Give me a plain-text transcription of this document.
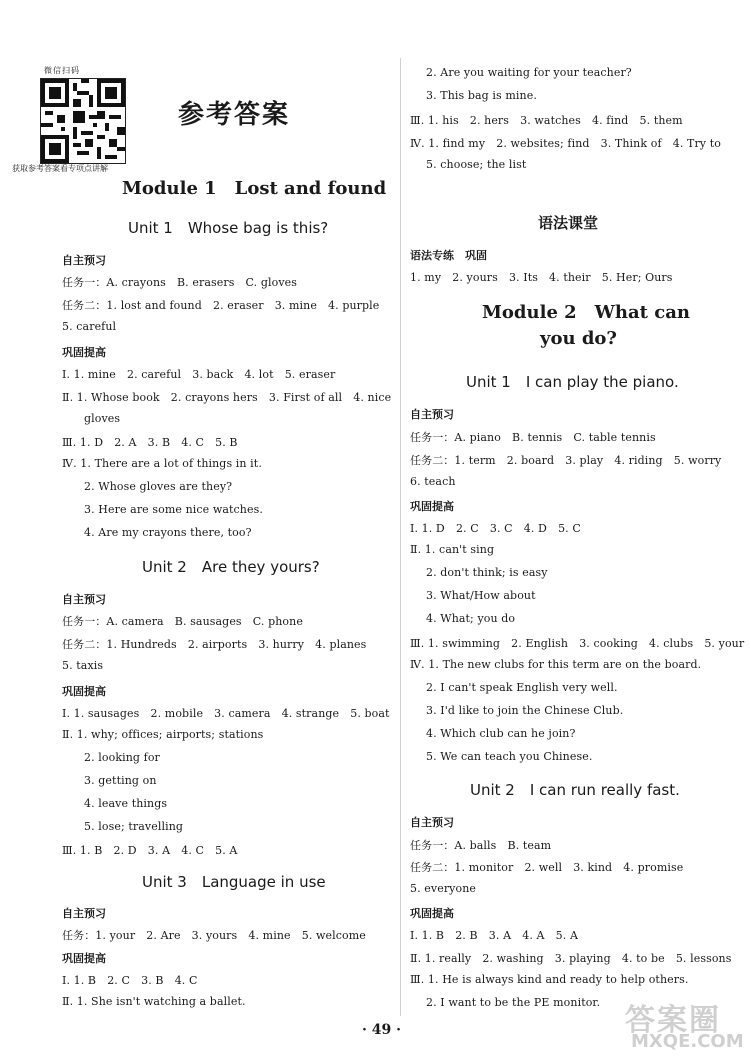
微信扫码
获取参考答案看专项点讲解
参考答案
Module 1　Lost and found
Unit 1　Whose bag is this?
自主预习
任务一：A. crayons　B. erasers　C. gloves
任务二：1. lost and found　2. eraser　3. mine　4. purple
5. careful
巩固提高
Ⅰ. 1. mine　2. careful　3. back　4. lot　5. eraser
Ⅱ. 1. Whose book　2. crayons hers　3. First of all　4. nice
gloves
Ⅲ. 1. D　2. A　3. B　4. C　5. B
Ⅳ. 1. There are a lot of things in it.
2. Whose gloves are they?
3. Here are some nice watches.
4. Are my crayons there, too?
Unit 2　Are they yours?
自主预习
任务一：A. camera　B. sausages　C. phone
任务二：1. Hundreds　2. airports　3. hurry　4. planes
5. taxis
巩固提高
Ⅰ. 1. sausages　2. mobile　3. camera　4. strange　5. boat
Ⅱ. 1. why; offices; airports; stations
2. looking for
3. getting on
4. leave things
5. lose; travelling
Ⅲ. 1. B　2. D　3. A　4. C　5. A
Unit 3　Language in use
自主预习
任务：1. your　2. Are　3. yours　4. mine　5. welcome
巩固提高
Ⅰ. 1. B　2. C　3. B　4. C
Ⅱ. 1. She isn't watching a ballet.
2. Are you waiting for your teacher?
3. This bag is mine.
Ⅲ. 1. his　2. hers　3. watches　4. find　5. them
Ⅳ. 1. find my　2. websites; find　3. Think of　4. Try to
5. choose; the list
语法课堂
语法专练　巩固
1. my　2. yours　3. Its　4. their　5. Her; Ours
Module 2　What can
you do?
Unit 1　I can play the piano.
自主预习
任务一：A. piano　B. tennis　C. table tennis
任务二：1. term　2. board　3. play　4. riding　5. worry
6. teach
巩固提高
Ⅰ. 1. D　2. C　3. C　4. D　5. C
Ⅱ. 1. can't sing
2. don't think; is easy
3. What/How about
4. What; you do
Ⅲ. 1. swimming　2. English　3. cooking　4. clubs　5. your
Ⅳ. 1. The new clubs for this term are on the board.
2. I can't speak English very well.
3. I'd like to join the Chinese Club.
4. Which club can he join?
5. We can teach you Chinese.
Unit 2　I can run really fast.
自主预习
任务一：A. balls　B. team
任务二：1. monitor　2. well　3. kind　4. promise
5. everyone
巩固提高
Ⅰ. 1. B　2. B　3. A　4. A　5. A
Ⅱ. 1. really　2. washing　3. playing　4. to be　5. lessons
Ⅲ. 1. He is always kind and ready to help others.
2. I want to be the PE monitor.
· 49 ·	答案圈
MXQE.COM
